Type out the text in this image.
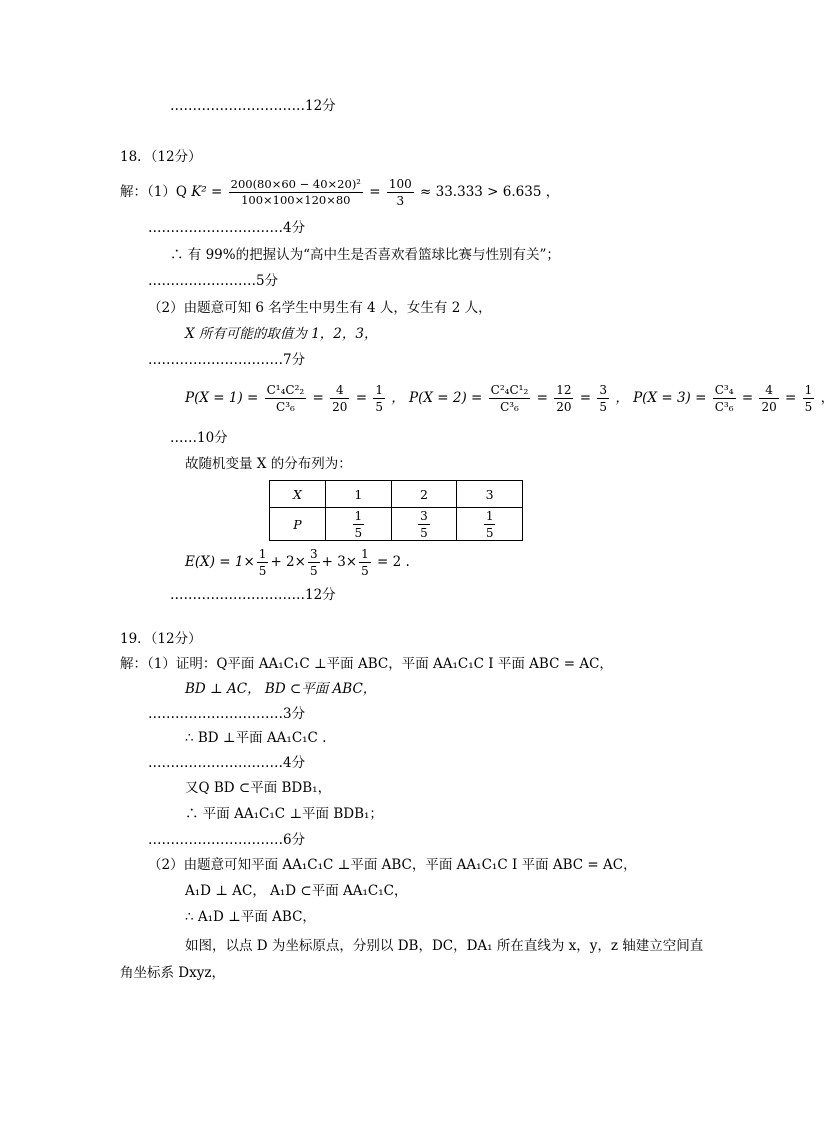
…………………………12分
18．（12分）
解：（1）Q $K^2 = \frac{\text{200(80×60 − 40×20)²}}{100\times 100\times 120\times 80} = \frac{100}{3} \approx 33.333 > 6.635$ ，
…………………………4分
∴ 有 99%的把握认为“高中生是否喜欢看篮球比赛与性别有关”；
……………………5分
（2）由题意可知 6 名学生中男生有 4 人，女生有 2 人，
X 所有可能的取值为 1，2，3，
…………………………7分
$P(X = 1) = \frac{\text{C¹₄C²₂}}{\text{C³₆}} = \frac{4}{20} = \frac{1}{5}$ ， $P(X = 2) = \frac{\text{C²₄C¹₂}}{\text{C³₆}} = \frac{12}{20} = \frac{3}{5}$ ， $P(X = 3) = \frac{\text{C³₄}}{\text{C³₆}} = \frac{4}{20} = \frac{1}{5}$ ，
……10分
故随机变量 X 的分布列为：
X	1	2	3
P	$\frac{1}{5}$	$\frac{3}{5}$	$\frac{1}{5}$
$E(X) = 1\times \frac{1}{5} + 2\times \frac{3}{5} + 3\times \frac{1}{5} = 2$ .
…………………………12分
19．（12分）
解：（1）证明：Q平面 AA₁C₁C ⊥平面 ABC，平面 AA₁C₁C I 平面 ABC = AC，
BD ⊥ AC， BD ⊂平面 ABC，
…………………………3分
∴ BD ⊥平面 AA₁C₁C .
…………………………4分
又Q BD ⊂平面 BDB₁，
∴ 平面 AA₁C₁C ⊥平面 BDB₁；
…………………………6分
（2）由题意可知平面 AA₁C₁C ⊥平面 ABC，平面 AA₁C₁C I 平面 ABC = AC，
A₁D ⊥ AC， A₁D ⊂平面 AA₁C₁C，
∴ A₁D ⊥平面 ABC，
如图，以点 D 为坐标原点，分别以 DB，DC，DA₁ 所在直线为 x，y，z 轴建立空间直
角坐标系 Dxyz，
